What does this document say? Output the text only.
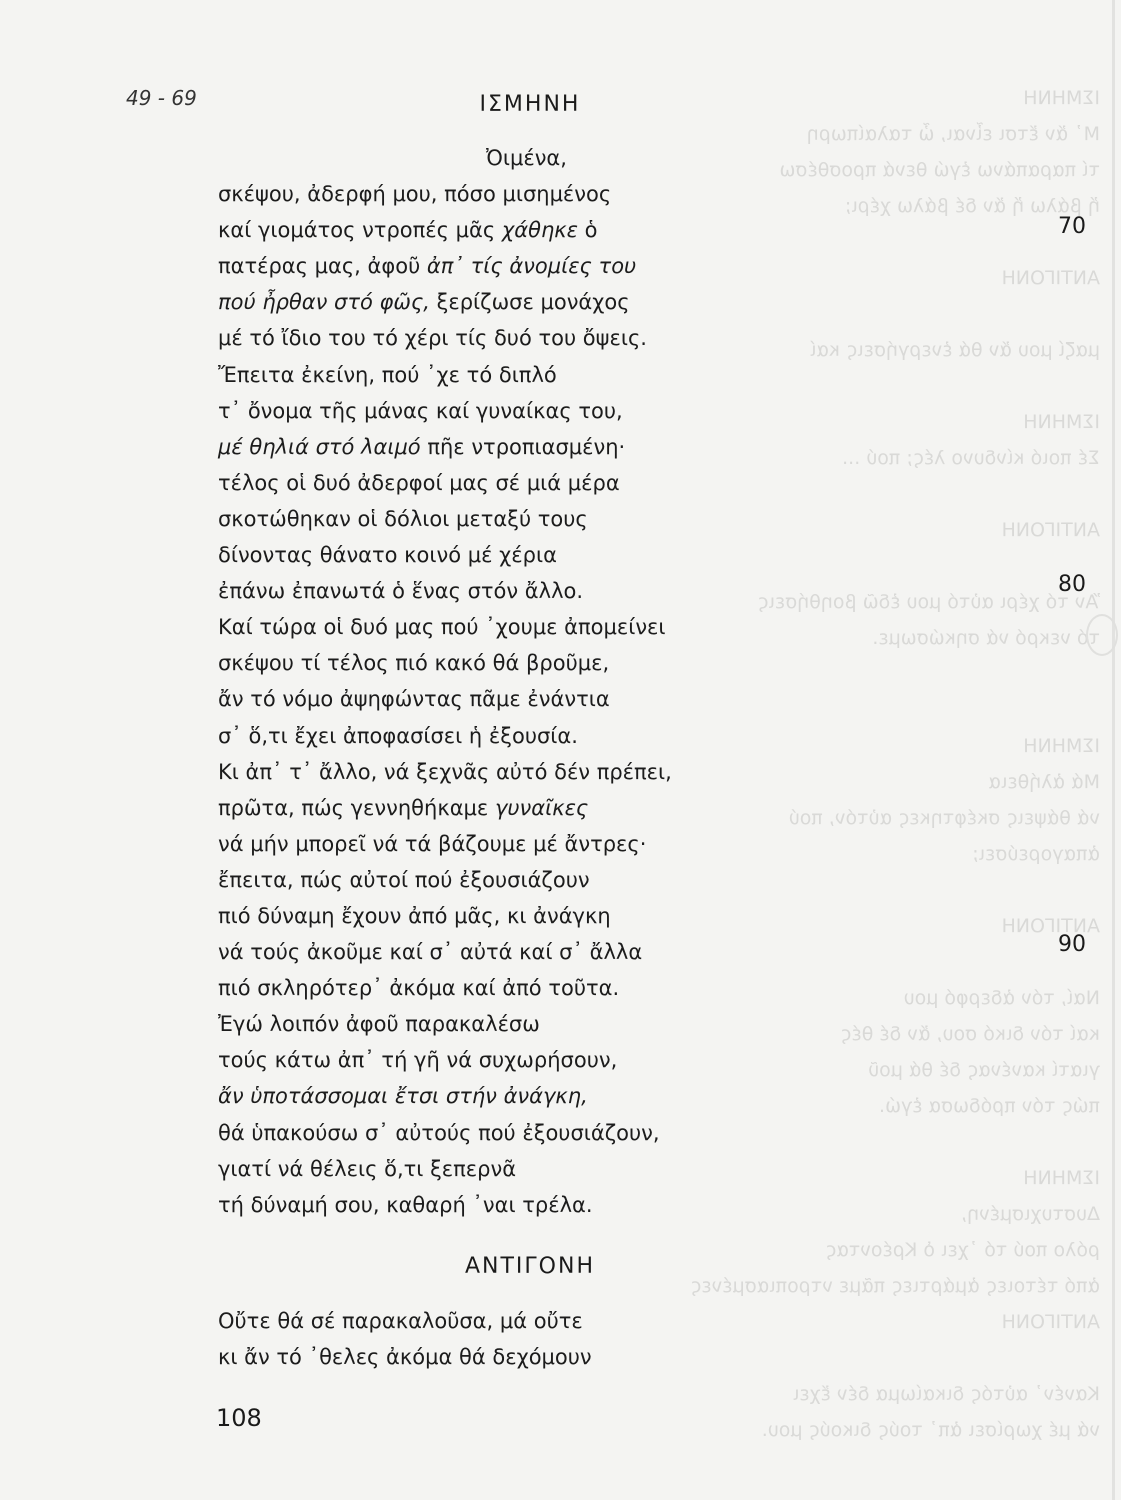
ΙΣΜΗΝΗ
Μ᾽ ἄν ἔτσι εἶναι, ὦ ταλαίπωρη
τί παραπάνω ἐγώ θενά προσθέσω
ἤ βάλω ἤ ἄν δέ βάλω χέρι;
ΑΝΤΙΓΟΝΗ
μαζί μου ἄν θά ἐνεργήσεις καί
ΙΣΜΗΝΗ
Σέ ποιό κίνδυνο λές; πού ...
ΑΝΤΙΓΟΝΗ
Ἄν τό χέρι αὐτό μου ἐδῶ βοηθήσεις
τό νεκρό νά σηκώσωμε.
ΙΣΜΗΝΗ
Μά ἀλήθεια
νά θάψεις σκέφτηκες αὐτόν, πού
ἀπαγορεύσει;
ΑΝΤΙΓΟΝΗ
Ναί, τόν ἀδερφό μου
καί τόν δικό σου, ἄν δέ θές
γιατί κανένας δέ θά μοῦ
πώς τόν πρόδωσα ἐγώ.
ΙΣΜΗΝΗ
Δυστυχισμένη,
ρόλο πού τό ᾽χει ὁ Κρέοντας
ἀπό τέτοιες ἀμάρτιες πᾶμε ντροπιασμένες
ΑΝΤΙΓΟΝΗ
Κανέν᾽ αὐτός δικαίωμα δέν ἔχει
νά μέ χωρίσει ἀπ᾽ τούς δικούς μου.
49 - 69	ΙΣΜΗΝΗ
Ὀιμένα,
σκέψου, ἀδερφή μου, πόσο μισημένος
καί γιομάτος ντροπές μᾶς χάθηκε ὁ
πατέρας μας, ἀφοῦ ἀπ᾽ τίς ἀνομίες του
πού ἦρθαν στό φῶς, ξερίζωσε μονάχος
μέ τό ἴδιο του τό χέρι τίς δυό του ὄψεις.
Ἔπειτα ἐκείνη, πού ᾽χε τό διπλό
τ᾽ ὄνομα τῆς μάνας καί γυναίκας του,
μέ θηλιά στό λαιμό πῆε ντροπιασμένη·
τέλος οἱ δυό ἀδερφοί μας σέ μιά μέρα
σκοτώθηκαν οἱ δόλιοι μεταξύ τους
δίνοντας θάνατο κοινό μέ χέρια
ἐπάνω ἐπανωτά ὁ ἕνας στόν ἄλλο.
Καί τώρα οἱ δυό μας πού ᾽χουμε ἀπομείνει
σκέψου τί τέλος πιό κακό θά βροῦμε,
ἄν τό νόμο ἀψηφώντας πᾶμε ἐνάντια
σ᾽ ὅ,τι ἔχει ἀποφασίσει ἡ ἐξουσία.
Κι ἀπ᾽ τ᾽ ἄλλο, νά ξεχνᾶς αὐτό δέν πρέπει,
πρῶτα, πώς γεννηθήκαμε γυναῖκες
νά μήν μπορεῖ νά τά βάζουμε μέ ἄντρες·
ἔπειτα, πώς αὐτοί πού ἐξουσιάζουν
πιό δύναμη ἔχουν ἀπό μᾶς, κι ἀνάγκη
νά τούς ἀκοῦμε καί σ᾽ αὐτά καί σ᾽ ἄλλα
πιό σκληρότερ᾽ ἀκόμα καί ἀπό τοῦτα.
Ἐγώ λοιπόν ἀφοῦ παρακαλέσω
τούς κάτω ἀπ᾽ τή γῆ νά συχωρήσουν,
ἄν ὑποτάσσομαι ἔτσι στήν ἀνάγκη,
θά ὑπακούσω σ᾽ αὐτούς πού ἐξουσιάζουν,
γιατί νά θέλεις ὅ,τι ξεπερνᾶ
τή δύναμή σου, καθαρή ᾽ναι τρέλα.
70
80
90
ΑΝΤΙΓΟΝΗ
Οὔτε θά σέ παρακαλοῦσα, μά οὔτε
κι ἄν τό ᾽θελες ἀκόμα θά δεχόμουν
108
